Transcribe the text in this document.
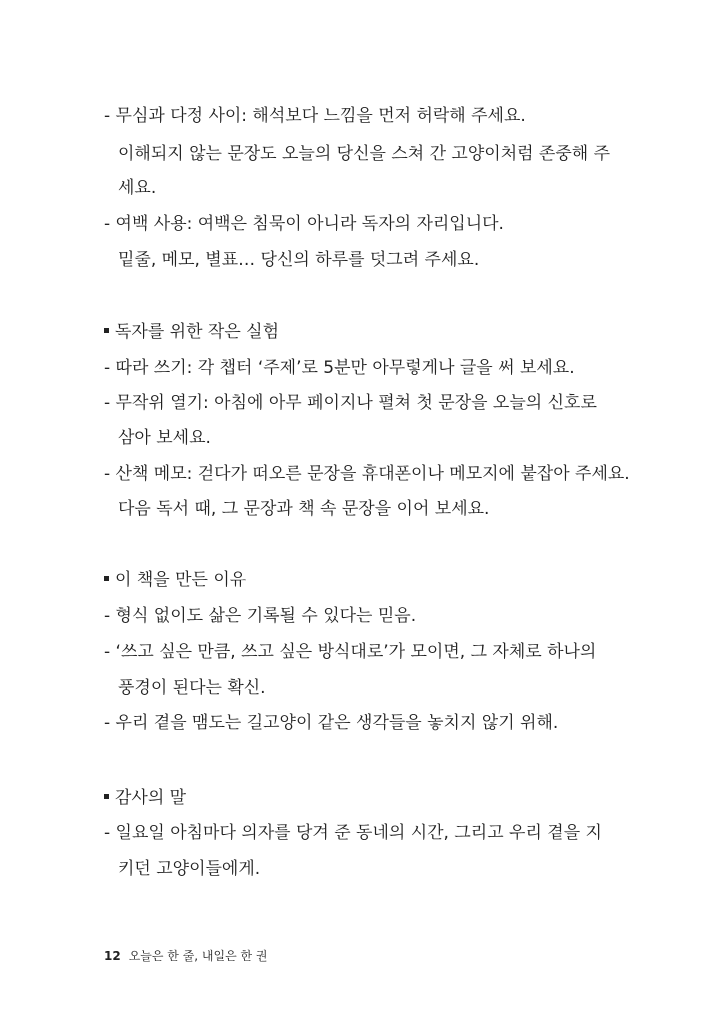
- 무심과 다정 사이: 해석보다 느낌을 먼저 허락해 주세요.
이해되지 않는 문장도 오늘의 당신을 스쳐 간 고양이처럼 존중해 주
세요.
- 여백 사용: 여백은 침묵이 아니라 독자의 자리입니다.
밑줄, 메모, 별표… 당신의 하루를 덧그려 주세요.
독자를 위한 작은 실험
- 따라 쓰기: 각 챕터 ‘주제’로 5분만 아무렇게나 글을 써 보세요.
- 무작위 열기: 아침에 아무 페이지나 펼쳐 첫 문장을 오늘의 신호로
삼아 보세요.
- 산책 메모: 걷다가 떠오른 문장을 휴대폰이나 메모지에 붙잡아 주세요.
다음 독서 때, 그 문장과 책 속 문장을 이어 보세요.
이 책을 만든 이유
- 형식 없이도 삶은 기록될 수 있다는 믿음.
- ‘쓰고 싶은 만큼, 쓰고 싶은 방식대로’가 모이면, 그 자체로 하나의
풍경이 된다는 확신.
- 우리 곁을 맴도는 길고양이 같은 생각들을 놓치지 않기 위해.
감사의 말
- 일요일 아침마다 의자를 당겨 준 동네의 시간, 그리고 우리 곁을 지
키던 고양이들에게.
12 오늘은 한 줄, 내일은 한 권
